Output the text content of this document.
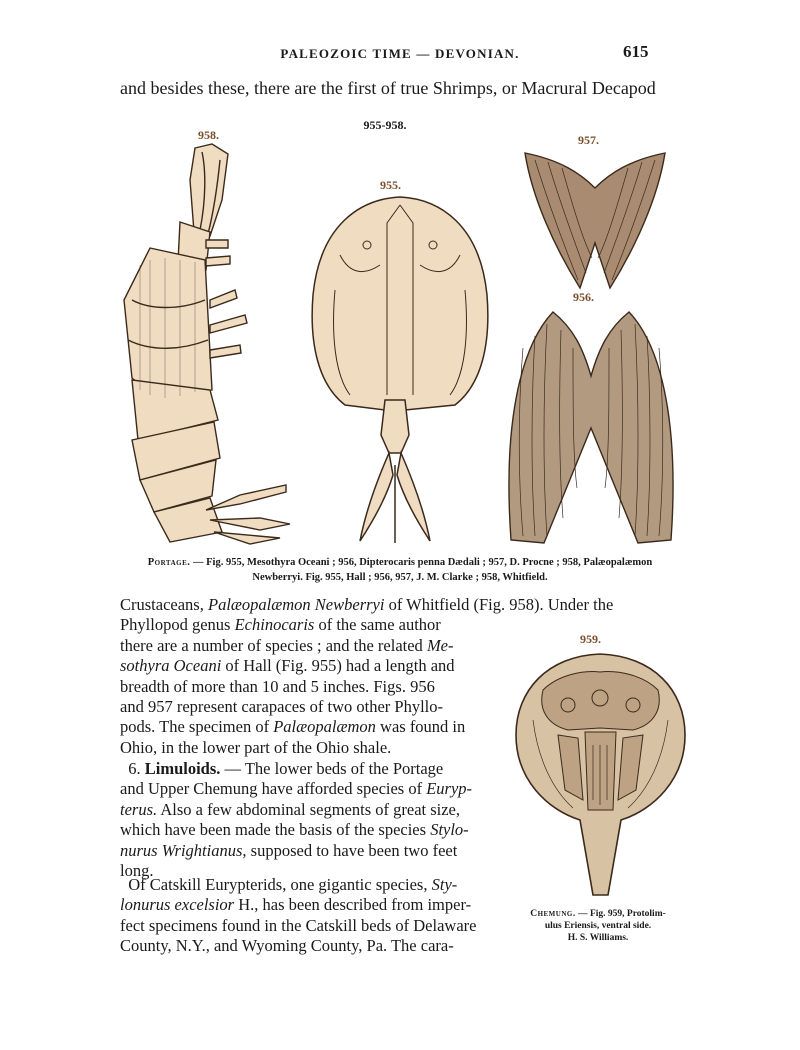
PALEOZOIC TIME — DEVONIAN.	615
and besides these, there are the first of true Shrimps, or Macrural Decapod
955-958.
958.
955.
957.
956.
Portage. — Fig. 955, Mesothyra Oceani ; 956, Dipterocaris penna Dædali ; 957, D. Procne ; 958, Palæopalæmon
Newberryi. Fig. 955, Hall ; 956, 957, J. M. Clarke ; 958, Whitfield.
Crustaceans, Palæopalæmon Newberryi of Whitfield (Fig. 958). Under the
Phyllopod genus Echinocaris of the same author
there are a number of species ; and the related Me-
sothyra Oceani of Hall (Fig. 955) had a length and
breadth of more than 10 and 5 inches. Figs. 956
and 957 represent carapaces of two other Phyllo-
pods. The specimen of Palæopalæmon was found in
Ohio, in the lower part of the Ohio shale.
6. Limuloids. — The lower beds of the Portage
and Upper Chemung have afforded species of Euryp-
terus. Also a few abdominal segments of great size,
which have been made the basis of the species Stylo-
nurus Wrightianus, supposed to have been two feet
long.
Of Catskill Eurypterids, one gigantic species, Sty-
lonurus excelsior H., has been described from imper-
fect specimens found in the Catskill beds of Delaware
County, N.Y., and Wyoming County, Pa. The cara-
959.
Chemung. — Fig. 959, Protolim-
ulus Eriensis, ventral side.
H. S. Williams.
